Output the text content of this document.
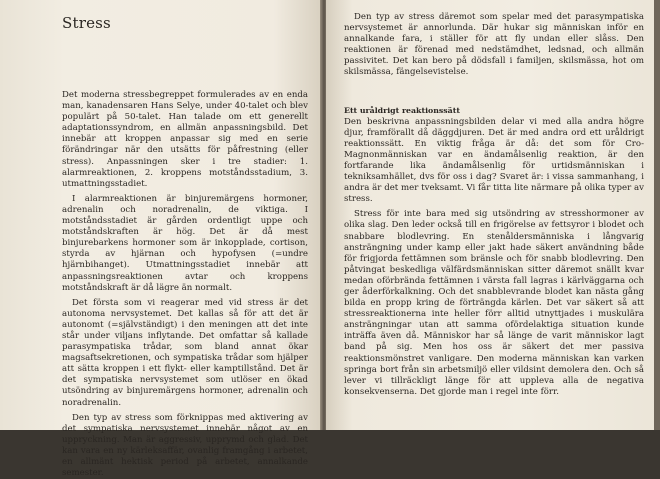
Stress

Det moderna stressbegreppet formulerades av en enda man, kanadensaren Hans Selye, under 40-talet och blev populärt på 50-talet. Han talade om ett generellt adaptationssyndrom, en allmän anpassningsbild. Det innebär att kroppen anpassar sig med en serie förändringar när den utsätts för påfrestning (eller stress). Anpassningen sker i tre stadier: 1. alarmreaktionen, 2. kroppens motståndsstadium, 3. utmattningsstadiet.

I alarmreaktionen är binjuremärgens hormoner, adrenalin och noradrenalin, de viktiga. I motståndsstadiet är gården ordentligt uppe och motståndskraften är hög. Det är då mest binjurebarkens hormoner som är inkopplade, cortison, styrda av hjärnan och hypofysen (=undre hjärnbihanget). Utmattningsstadiet innebär att anpassningsreaktionen avtar och kroppens motståndskraft är då lägre än normalt.

Det första som vi reagerar med vid stress är det autonoma nervsystemet. Det kallas så för att det är autonomt (=självständigt) i den meningen att det inte står under viljans inflytande. Det omfattar så kallade parasympatiska trådar, som bland annat ökar magsaftsekretionen, och sympatiska trådar som hjälper att sätta kroppen i ett flykt- eller kamptillstånd. Det är det sympatiska nervsystemet som utlöser en ökad utsöndring av binjuremärgens hormoner, adrenalin och noradrenalin.

Den typ av stress som förknippas med aktivering av det sympatiska nervsystemet innebär något av en uppryckning. Man är aggressiv, upprymd och glad. Det kan vara en ny kärleksaffär, ovanlig framgång i arbetet, en allmänt hektisk period på arbetet, annalkande semester.

Den typ av stress däremot som spelar med det parasympatiska nervsystemet är annorlunda. Där hukar sig människan inför en annalkande fara, i ställer för att fly undan eller slåss. Den reaktionen är förenad med nedstämdhet, ledsnad, och allmän passivitet. Det kan bero på dödsfall i familjen, skilsmässa, hot om skilsmässa, fängelsevistelse.

Ett uråldrigt reaktionssätt

Den beskrivna anpassningsbilden delar vi med alla andra högre djur, framförallt då däggdjuren. Det är med andra ord ett uråldrigt reaktionssätt. En viktig fråga är då: det som för Cro-Magnonmänniskan var en ändamålsenlig reaktion, är den fortfarande lika ändamålsenlig för urtidsmänniskan i tekniksamhället, dvs för oss i dag? Svaret är: i vissa sammanhang, i andra är det mer tveksamt. Vi får titta lite närmare på olika typer av stress.

Stress för inte bara med sig utsöndring av stresshormoner av olika slag. Den leder också till en frigörelse av fettsyror i blodet och snabbare blodlevring. En stenåldersmänniska i långvarig ansträngning under kamp eller jakt hade säkert användning både för frigjorda fettämnen som bränsle och för snabb blodlevring. Den påtvingat beskedliga välfärdsmänniskan sitter däremot snällt kvar medan oförbrända fettämnen i värsta fall lagras i kärlväggarna och ger åderförkalkning. Och det snabblevrande blodet kan nästa gång bilda en propp kring de förträngda kärlen. Det var säkert så att stressreaktionerna inte heller förr alltid utnyttjades i muskulära ansträngningar utan att samma ofördelaktiga situation kunde inträffa även då. Människor har så länge de varit människor lagt band på sig. Men hos oss är säkert det mer passiva reaktionsmönstret vanligare. Den moderna människan kan varken springa bort från sin arbetsmiljö eller vildsint demolera den. Och så lever vi tillräckligt länge för att uppleva alla de negativa konsekvenserna. Det gjorde man i regel inte förr.
